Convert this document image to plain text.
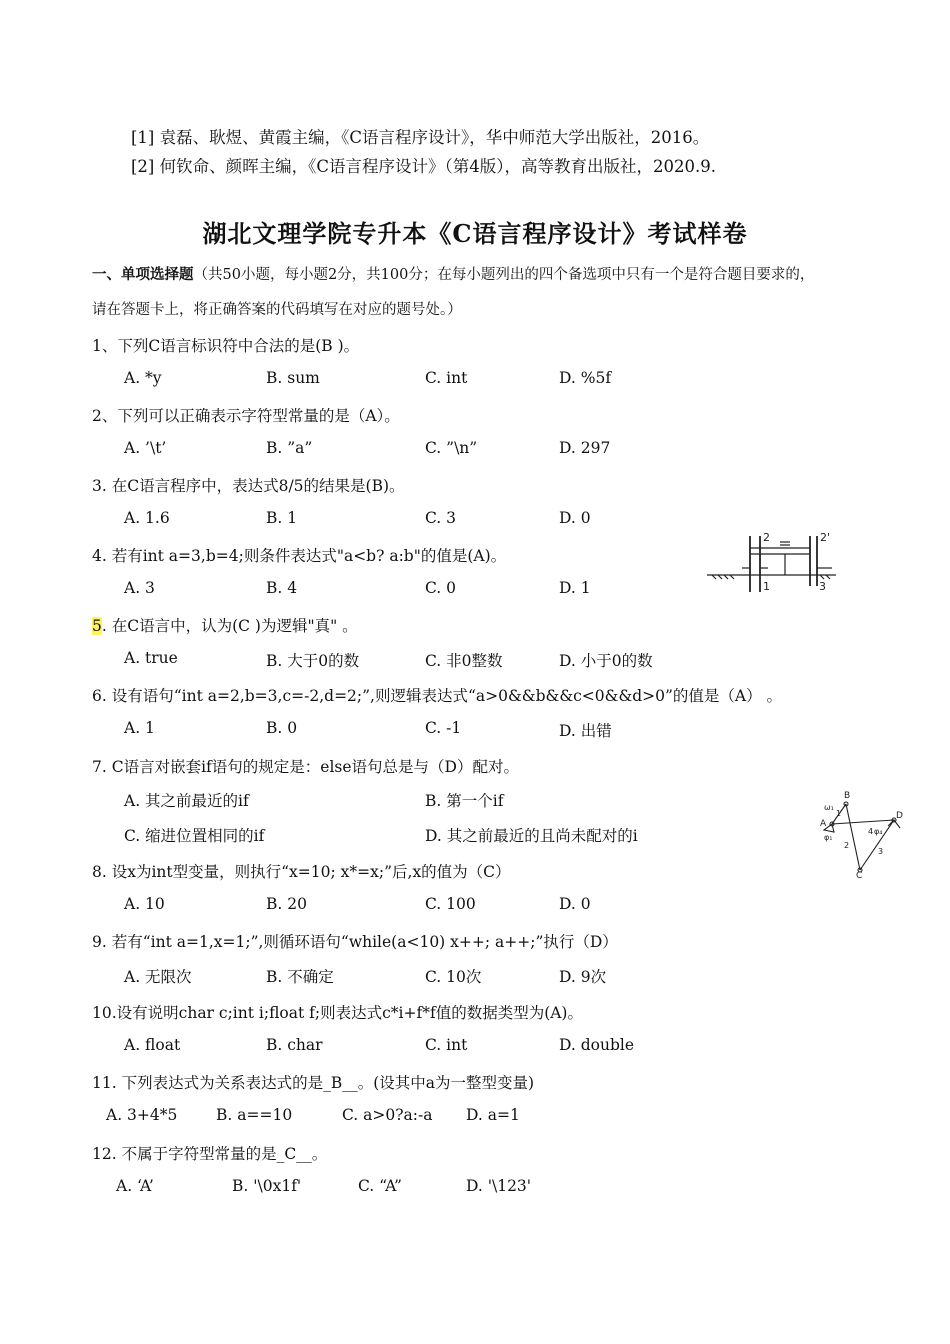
[1] 袁磊、耿煜、黄霞主编，《C语言程序设计》，华中师范大学出版社，2016。
[2] 何钦命、颜晖主编，《C语言程序设计》（第4版），高等教育出版社，2020.9.
湖北文理学院专升本《C语言程序设计》考试样卷
一、单项选择题（共50小题，每小题2分，共100分；在每小题列出的四个备选项中只有一个是符合题目要求的，
请在答题卡上，将正确答案的代码填写在对应的题号处。）
1、下列C语言标识符中合法的是(B )。
A. *y	B. sum	C. int	D. %5f
2、下列可以正确表示字符型常量的是（A）。
A. ’\t’	B. ”a”	C. ”\n”	D. 297
3. 在C语言程序中，表达式8/5的结果是(B)。
A. 1.6	B. 1	C. 3	D. 0
4. 若有int a=3,b=4;则条件表达式"a<b? a:b"的值是(A)。
A. 3	B. 4	C. 0	D. 1
2	2'
1	3
5. 在C语言中，认为(C )为逻辑"真" 。
A. true	B. 大于0的数	C. 非0整数	D. 小于0的数
6. 设有语句“int a=2,b=3,c=-2,d=2;”,则逻辑表达式“a>0&&b&&c<0&&d>0”的值是（A） 。
A. 1	B. 0	C. -1	D. 出错
7. C语言对嵌套if语句的规定是：else语句总是与（D）配对。
A. 其之前最近的if	B. 第一个if
C. 缩进位置相同的if	D. 其之前最近的且尚未配对的i
B
A
ω₁
1
φ₁
2
4 φ₄
3
C
D
8. 设x为int型变量，则执行“x=10; x*=x;”后,x的值为（C）
A. 10	B. 20	C. 100	D. 0
9. 若有“int a=1,x=1;”,则循环语句“while(a<10) x++; a++;”执行（D）
A. 无限次	B. 不确定	C. 10次	D. 9次
10.设有说明char c;int i;float f;则表达式c*i+f*f值的数据类型为(A)。
A. float	B. char	C. int	D. double
11. 下列表达式为关系表达式的是_B__。(设其中a为一整型变量)
A. 3+4*5 B. a==10	C. a>0?a:-a D. a=1
12. 不属于字符型常量的是_C__。
A. ‘A’	B. '\0x1f'	C. “A”	D. '\123'
